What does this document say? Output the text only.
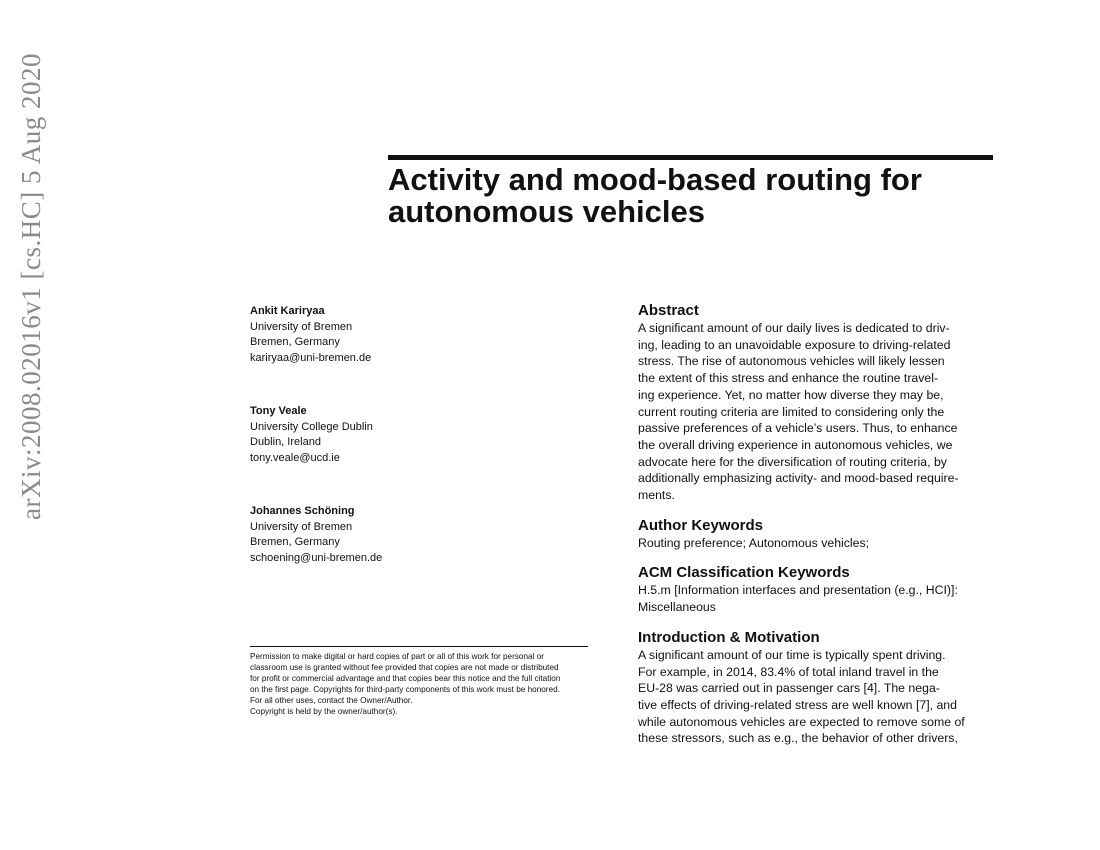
arXiv:2008.02016v1 [cs.HC] 5 Aug 2020	Activity and mood-based routing for
autonomous vehicles
Ankit Kariryaa
University of Bremen
Bremen, Germany
kariryaa@uni-bremen.de
Tony Veale
University College Dublin
Dublin, Ireland
tony.veale@ucd.ie
Johannes Schöning
University of Bremen
Bremen, Germany
schoening@uni-bremen.de
Permission to make digital or hard copies of part or all of this work for personal or
classroom use is granted without fee provided that copies are not made or distributed
for profit or commercial advantage and that copies bear this notice and the full citation
on the first page. Copyrights for third-party components of this work must be honored.
For all other uses, contact the Owner/Author.
Copyright is held by the owner/author(s).
Abstract
A significant amount of our daily lives is dedicated to driv-
ing, leading to an unavoidable exposure to driving-related
stress. The rise of autonomous vehicles will likely lessen
the extent of this stress and enhance the routine travel-
ing experience. Yet, no matter how diverse they may be,
current routing criteria are limited to considering only the
passive preferences of a vehicle’s users. Thus, to enhance
the overall driving experience in autonomous vehicles, we
advocate here for the diversification of routing criteria, by
additionally emphasizing activity- and mood-based require-
ments.
Author Keywords
Routing preference; Autonomous vehicles;
ACM Classification Keywords
H.5.m [Information interfaces and presentation (e.g., HCI)]:
Miscellaneous
Introduction & Motivation
A significant amount of our time is typically spent driving.
For example, in 2014, 83.4% of total inland travel in the
EU-28 was carried out in passenger cars [4]. The nega-
tive effects of driving-related stress are well known [7], and
while autonomous vehicles are expected to remove some of
these stressors, such as e.g., the behavior of other drivers,
